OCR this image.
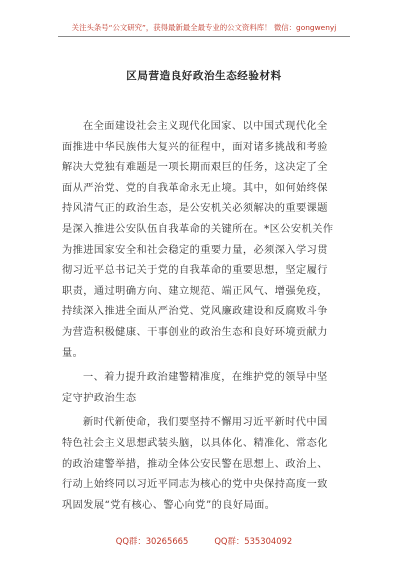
关注头条号“公文研究”，获得最新最全最专业的公文资料库！ 微信：gongwenyj
区局营造良好政治生态经验材料
在全面建设社会主义现代化国家、以中国式现代化全
面推进中华民族伟大复兴的征程中，面对诸多挑战和考验
解决大党独有难题是一项长期而艰巨的任务，这决定了全
面从严治党、党的自我革命永无止境。其中，如何始终保
持风清气正的政治生态，是公安机关必须解决的重要课题
是深入推进公安队伍自我革命的关键所在。*区公安机关作
为推进国家安全和社会稳定的重要力量，必须深入学习贯
彻习近平总书记关于党的自我革命的重要思想，坚定履行
职责，通过明确方向、建立规范、端正风气、增强免疫，
持续深入推进全面从严治党、党风廉政建设和反腐败斗争
为营造积极健康、干事创业的政治生态和良好环境贡献力
量。
一、着力提升政治建警精准度，在维护党的领导中坚
定守护政治生态
新时代新使命，我们要坚持不懈用习近平新时代中国
特色社会主义思想武装头脑，以具体化、精准化、常态化
的政治建警举措，推动全体公安民警在思想上、政治上、
行动上始终同以习近平同志为核心的党中央保持高度一致
巩固发展“党有核心、警心向党”的良好局面。
QQ群：30265665	QQ群：535304092
